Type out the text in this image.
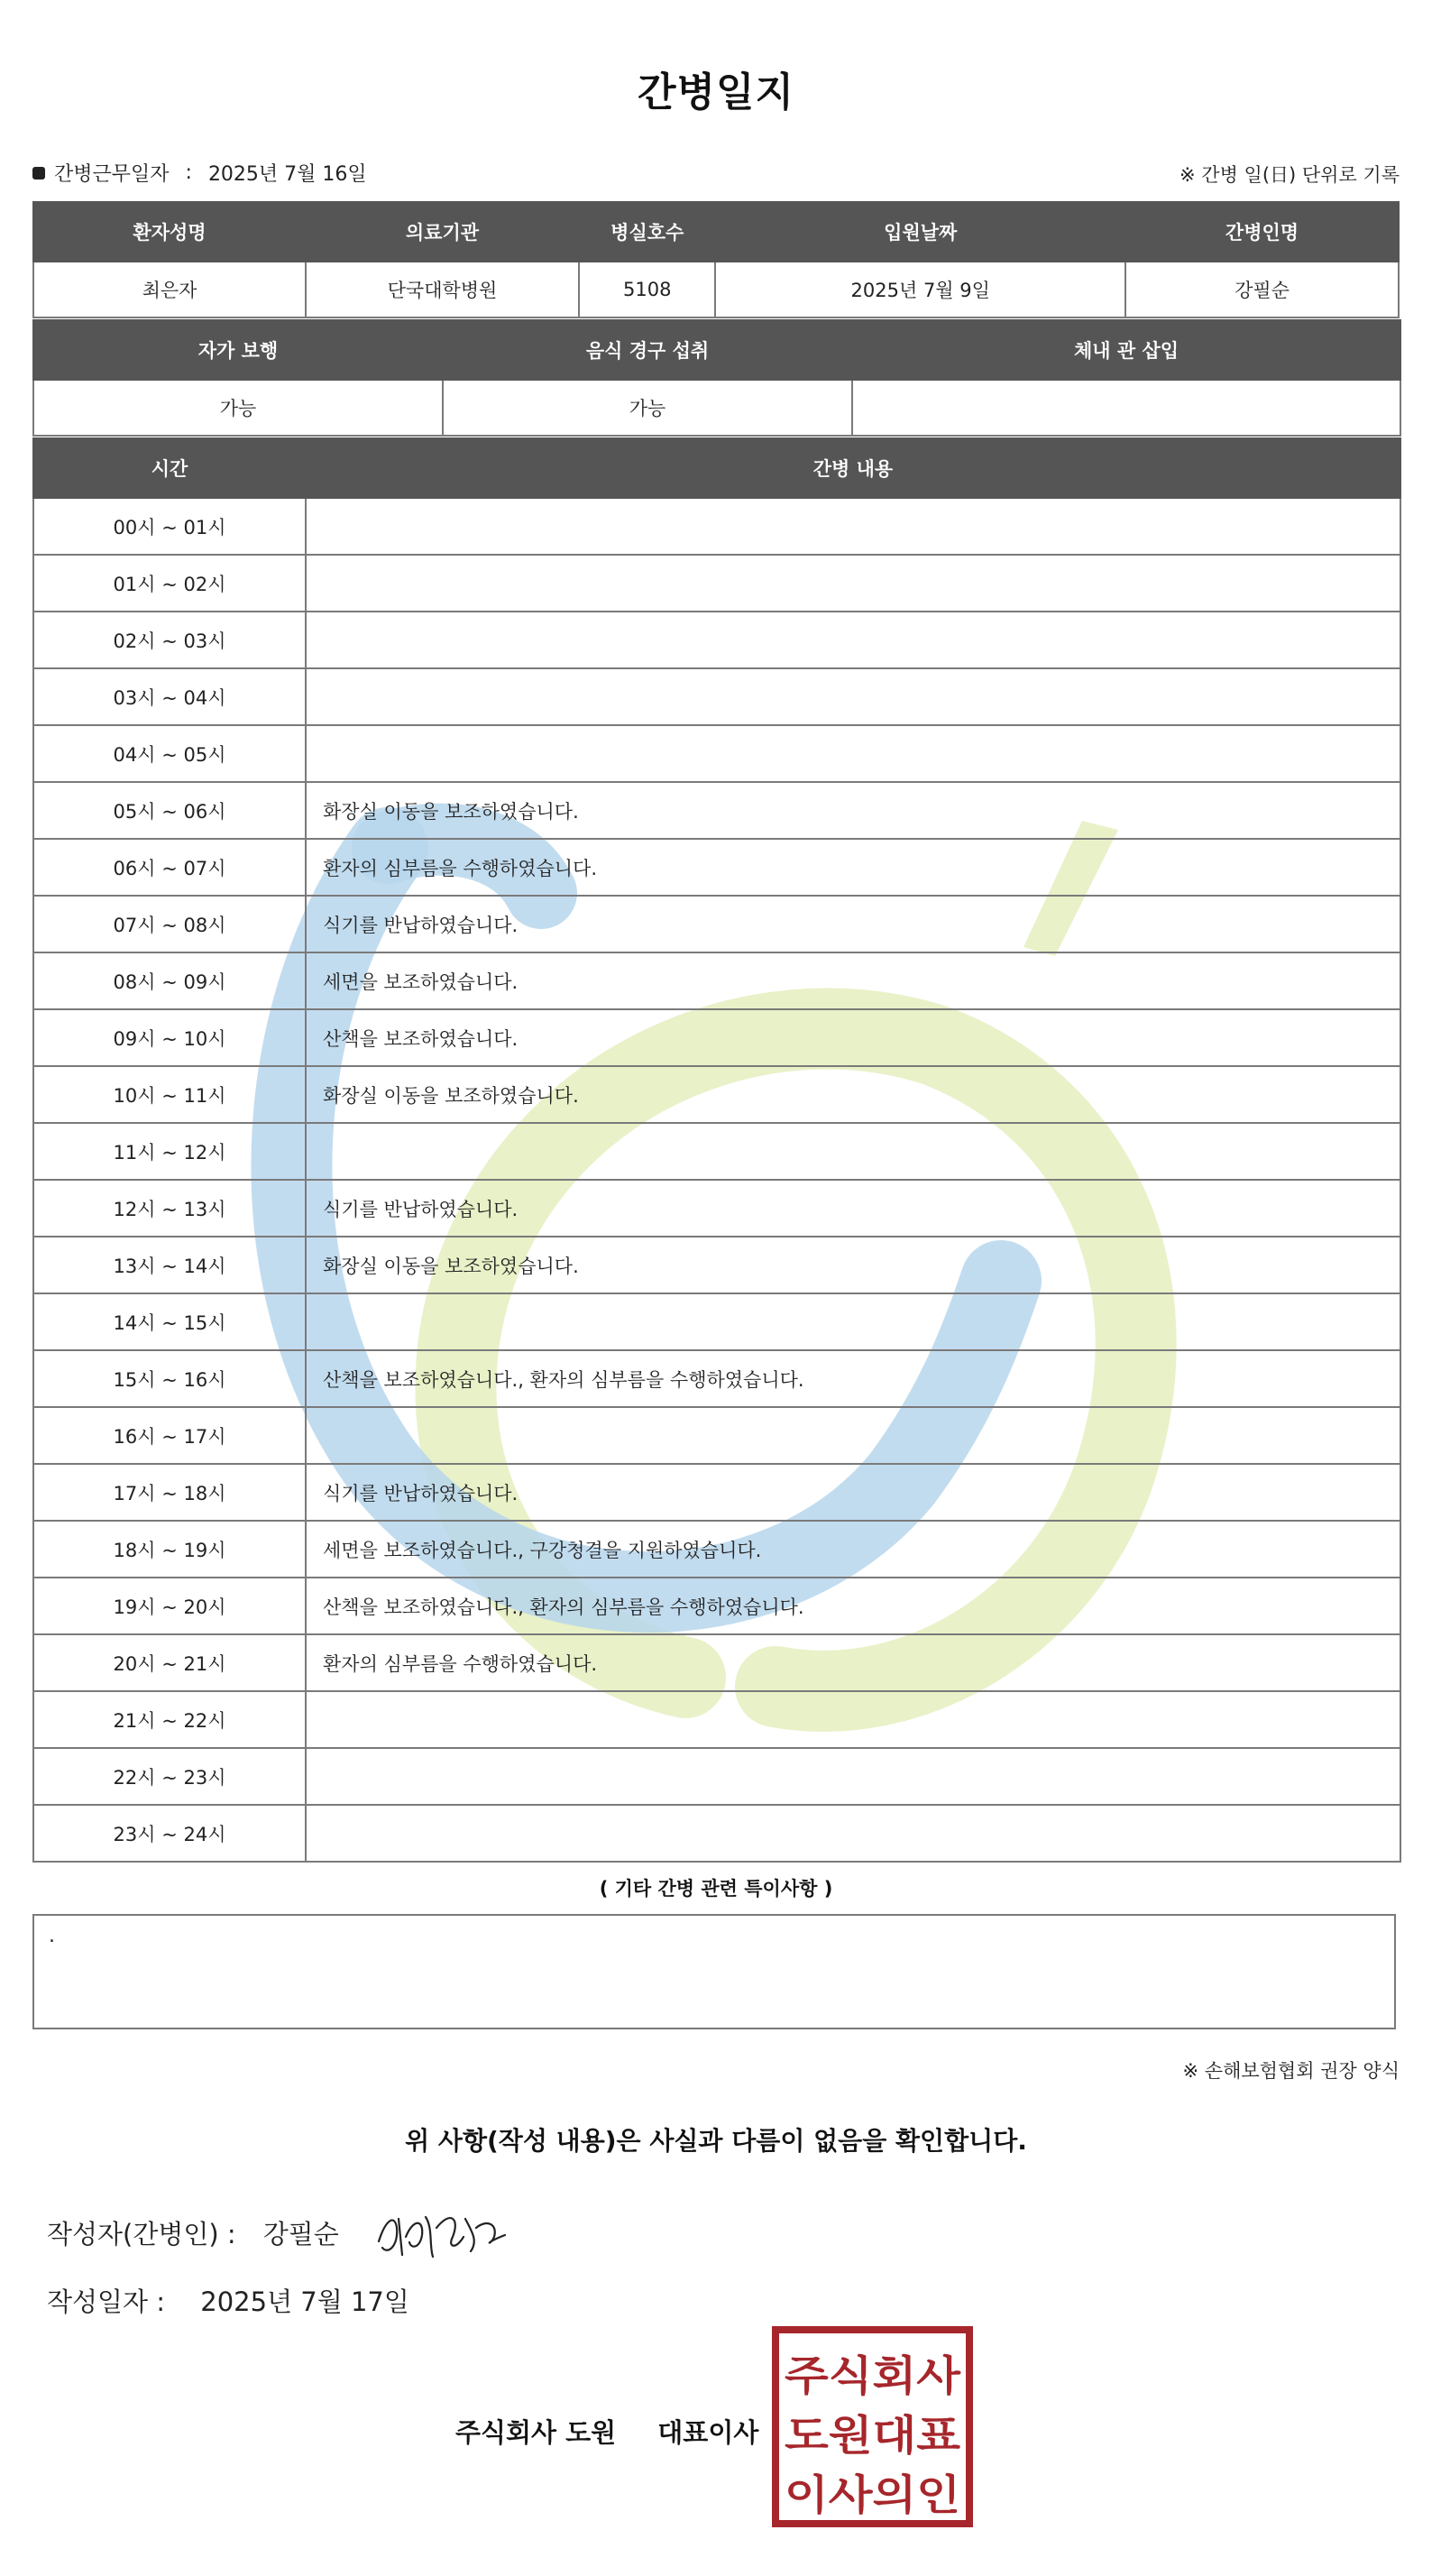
간병일지
간병근무일자 : 2025년 7월 16일	※ 간병 일(日) 단위로 기록
환자성명	의료기관	병실호수	입원날짜	간병인명
최은자	단국대학병원	5108	2025년 7월 9일	강필순
자가 보행	음식 경구 섭취	체내 관 삽입
가능	가능	
시간	간병 내용
00시 ~ 01시	
01시 ~ 02시	
02시 ~ 03시	
03시 ~ 04시	
04시 ~ 05시	
05시 ~ 06시	화장실 이동을 보조하였습니다.
06시 ~ 07시	환자의 심부름을 수행하였습니다.
07시 ~ 08시	식기를 반납하였습니다.
08시 ~ 09시	세면을 보조하였습니다.
09시 ~ 10시	산책을 보조하였습니다.
10시 ~ 11시	화장실 이동을 보조하였습니다.
11시 ~ 12시	
12시 ~ 13시	식기를 반납하였습니다.
13시 ~ 14시	화장실 이동을 보조하였습니다.
14시 ~ 15시	
15시 ~ 16시	산책을 보조하였습니다., 환자의 심부름을 수행하였습니다.
16시 ~ 17시	
17시 ~ 18시	식기를 반납하였습니다.
18시 ~ 19시	세면을 보조하였습니다., 구강청결을 지원하였습니다.
19시 ~ 20시	산책을 보조하였습니다., 환자의 심부름을 수행하였습니다.
20시 ~ 21시	환자의 심부름을 수행하였습니다.
21시 ~ 22시	
22시 ~ 23시	
23시 ~ 24시	
( 기타 간병 관련 특이사항 )
.
※ 손해보험협회 권장 양식
위 사항(작성 내용)은 사실과 다름이 없음을 확인합니다.
작성자(간병인) : 강필순
작성일자 : 2025년 7월 17일
주식회사 도원 대표이사
주식회사
도원대표
이사의인
